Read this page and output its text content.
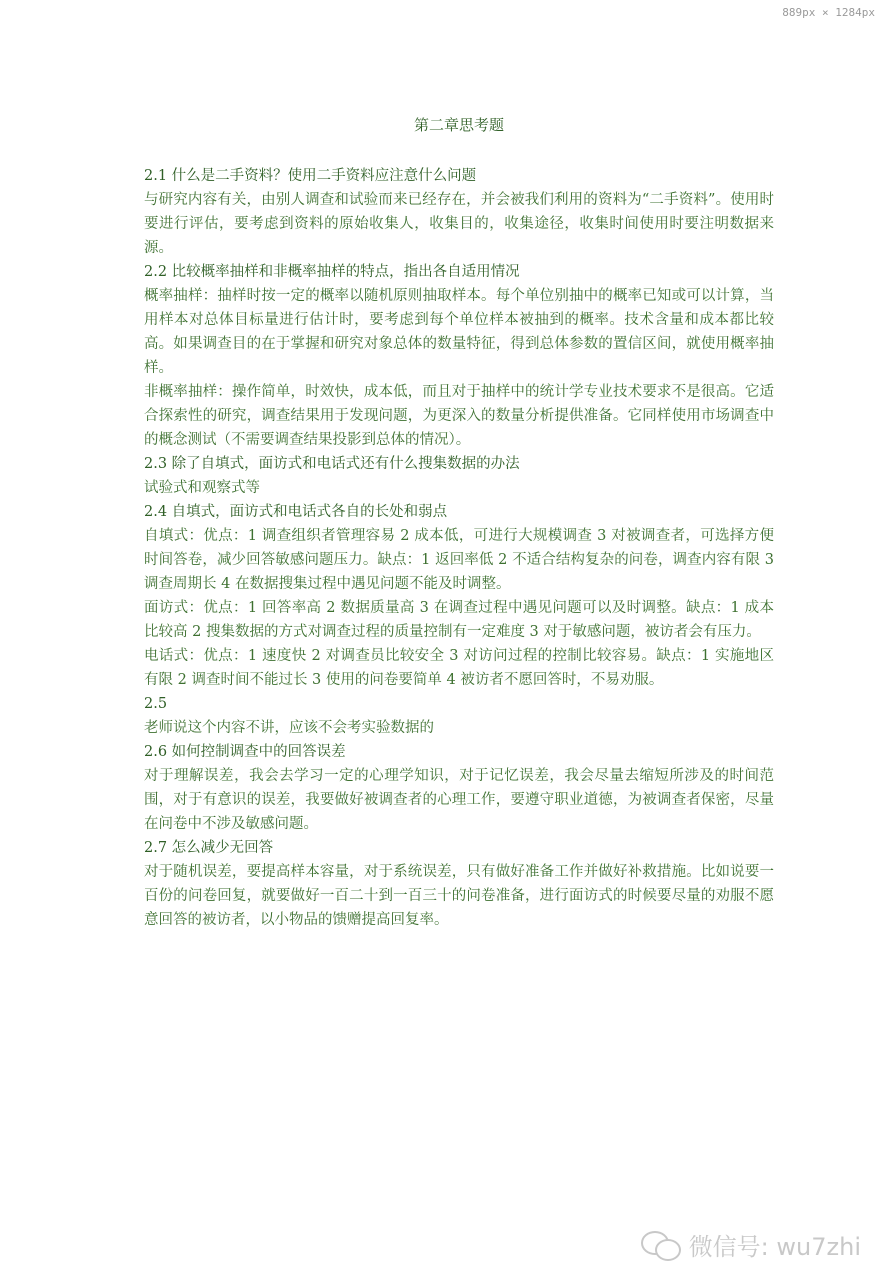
889px × 1284px
第二章思考题

2.1 什么是二手资料？使用二手资料应注意什么问题

与研究内容有关，由别人调查和试验而来已经存在，并会被我们利用的资料为“二手资料”。使用时要进行评估，要考虑到资料的原始收集人，收集目的，收集途径，收集时间使用时要注明数据来源。

2.2 比较概率抽样和非概率抽样的特点，指出各自适用情况

概率抽样：抽样时按一定的概率以随机原则抽取样本。每个单位别抽中的概率已知或可以计算，当用样本对总体目标量进行估计时，要考虑到每个单位样本被抽到的概率。技术含量和成本都比较高。如果调查目的在于掌握和研究对象总体的数量特征，得到总体参数的置信区间，就使用概率抽样。

非概率抽样：操作简单，时效快，成本低，而且对于抽样中的统计学专业技术要求不是很高。它适合探索性的研究，调查结果用于发现问题，为更深入的数量分析提供准备。它同样使用市场调查中的概念测试（不需要调查结果投影到总体的情况）。

2.3 除了自填式，面访式和电话式还有什么搜集数据的办法

试验式和观察式等

2.4 自填式，面访式和电话式各自的长处和弱点

自填式：优点：1 调查组织者管理容易 2 成本低，可进行大规模调查 3 对被调查者，可选择方便时间答卷，减少回答敏感问题压力。缺点：1 返回率低 2 不适合结构复杂的问卷，调查内容有限 3 调查周期长 4 在数据搜集过程中遇见问题不能及时调整。

面访式：优点：1 回答率高 2 数据质量高 3 在调查过程中遇见问题可以及时调整。缺点：1 成本比较高 2 搜集数据的方式对调查过程的质量控制有一定难度 3 对于敏感问题，被访者会有压力。

电话式：优点：1 速度快 2 对调查员比较安全 3 对访问过程的控制比较容易。缺点：1 实施地区有限 2 调查时间不能过长 3 使用的问卷要简单 4 被访者不愿回答时，不易劝服。

2.5

老师说这个内容不讲，应该不会考实验数据的

2.6 如何控制调查中的回答误差

对于理解误差，我会去学习一定的心理学知识，对于记忆误差，我会尽量去缩短所涉及的时间范围，对于有意识的误差，我要做好被调查者的心理工作，要遵守职业道德，为被调查者保密，尽量在问卷中不涉及敏感问题。

2.7 怎么减少无回答

对于随机误差，要提高样本容量，对于系统误差，只有做好准备工作并做好补救措施。比如说要一百份的问卷回复，就要做好一百二十到一百三十的问卷准备，进行面访式的时候要尽量的劝服不愿意回答的被访者，以小物品的馈赠提高回复率。

微信号: wu7zhi
